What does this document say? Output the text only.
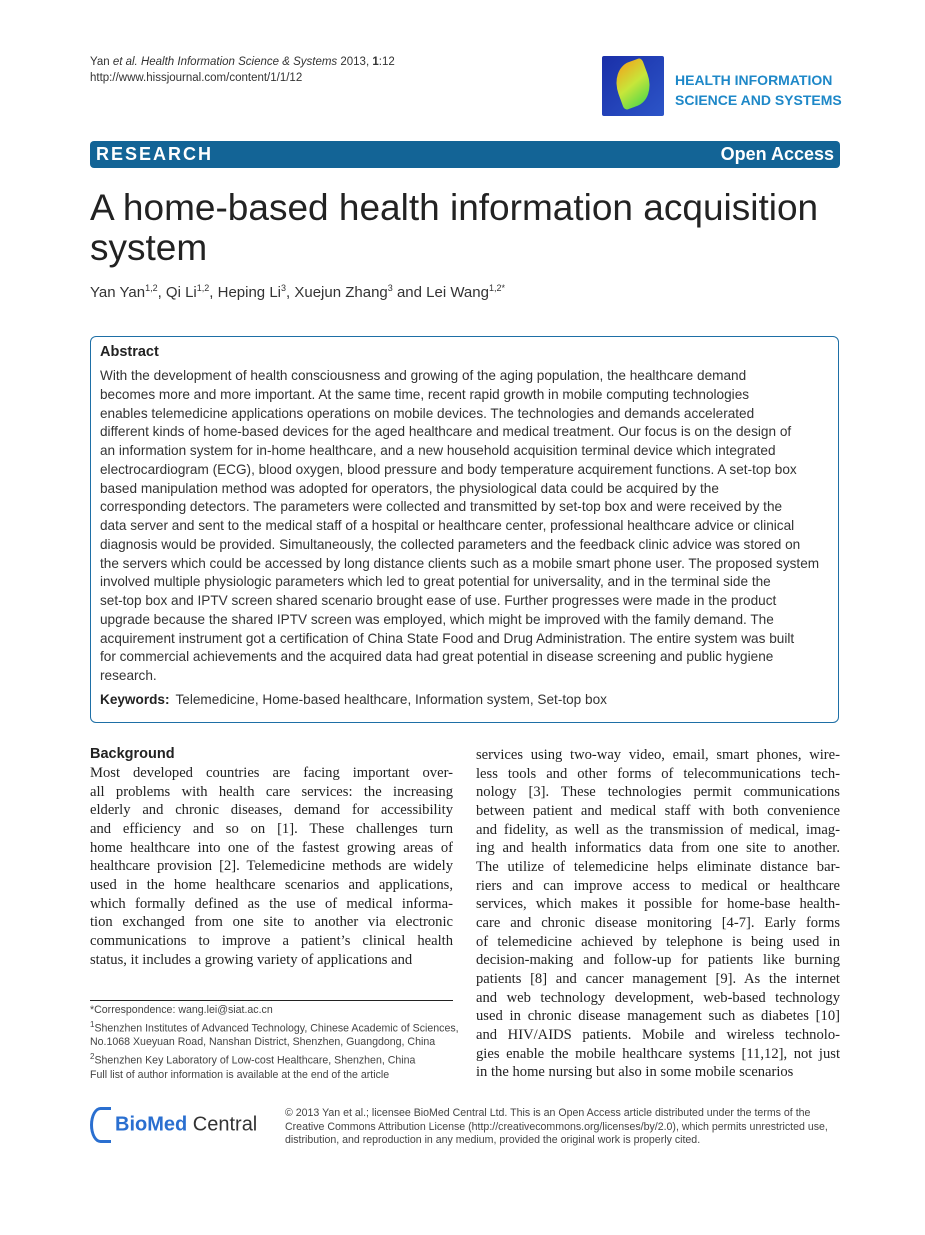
Yan et al. Health Information Science & Systems 2013, 1:12
http://www.hissjournal.com/content/1/1/12	HEALTH INFORMATION
SCIENCE AND SYSTEMS
RESEARCH	Open Access
A home-based health information acquisition system
Yan Yan$^{1,2}$, Qi Li$^{1,2}$, Heping Li$^3$, Xuejun Zhang$^3$ and Lei Wang$^{1,2*}$
Abstract
With the development of health consciousness and growing of the aging population, the healthcare demand
becomes more and more important. At the same time, recent rapid growth in mobile computing technologies
enables telemedicine applications operations on mobile devices. The technologies and demands accelerated
different kinds of home-based devices for the aged healthcare and medical treatment. Our focus is on the design of
an information system for in-home healthcare, and a new household acquisition terminal device which integrated
electrocardiogram (ECG), blood oxygen, blood pressure and body temperature acquirement functions. A set-top box
based manipulation method was adopted for operators, the physiological data could be acquired by the
corresponding detectors. The parameters were collected and transmitted by set-top box and were received by the
data server and sent to the medical staff of a hospital or healthcare center, professional healthcare advice or clinical
diagnosis would be provided. Simultaneously, the collected parameters and the feedback clinic advice was stored on
the servers which could be accessed by long distance clients such as a mobile smart phone user. The proposed system
involved multiple physiologic parameters which led to great potential for universality, and in the terminal side the
set-top box and IPTV screen shared scenario brought ease of use. Further progresses were made in the product
upgrade because the shared IPTV screen was employed, which might be improved with the family demand. The
acquirement instrument got a certification of China State Food and Drug Administration. The entire system was built
for commercial achievements and the acquired data had great potential in disease screening and public hygiene
research.
Keywords: Telemedicine, Home-based healthcare, Information system, Set-top box
Background
Most developed countries are facing important over-
all problems with health care services: the increasing
elderly and chronic diseases, demand for accessibility
and efficiency and so on [1]. These challenges turn
home healthcare into one of the fastest growing areas of
healthcare provision [2]. Telemedicine methods are widely
used in the home healthcare scenarios and applications,
which formally defined as the use of medical informa-
tion exchanged from one site to another via electronic
communications to improve a patient’s clinical health
status, it includes a growing variety of applications and
services using two-way video, email, smart phones, wire-
less tools and other forms of telecommunications tech-
nology [3]. These technologies permit communications
between patient and medical staff with both convenience
and fidelity, as well as the transmission of medical, imag-
ing and health informatics data from one site to another.
The utilize of telemedicine helps eliminate distance bar-
riers and can improve access to medical or healthcare
services, which makes it possible for home-base health-
care and chronic disease monitoring [4-7]. Early forms
of telemedicine achieved by telephone is being used in
decision-making and follow-up for patients like burning
patients [8] and cancer management [9]. As the internet
and web technology development, web-based technology
used in chronic disease management such as diabetes [10]
and HIV/AIDS patients. Mobile and wireless technolo-
gies enable the mobile healthcare systems [11,12], not just
in the home nursing but also in some mobile scenarios
*Correspondence: wang.lei@siat.ac.cn
$^1$Shenzhen Institutes of Advanced Technology, Chinese Academic of Sciences,
No.1068 Xueyuan Road, Nanshan District, Shenzhen, Guangdong, China
$^2$Shenzhen Key Laboratory of Low-cost Healthcare, Shenzhen, China
Full list of author information is available at the end of the article
BioMed Central
© 2013 Yan et al.; licensee BioMed Central Ltd. This is an Open Access article distributed under the terms of the Creative Commons Attribution License (http://creativecommons.org/licenses/by/2.0), which permits unrestricted use, distribution, and reproduction in any medium, provided the original work is properly cited.
